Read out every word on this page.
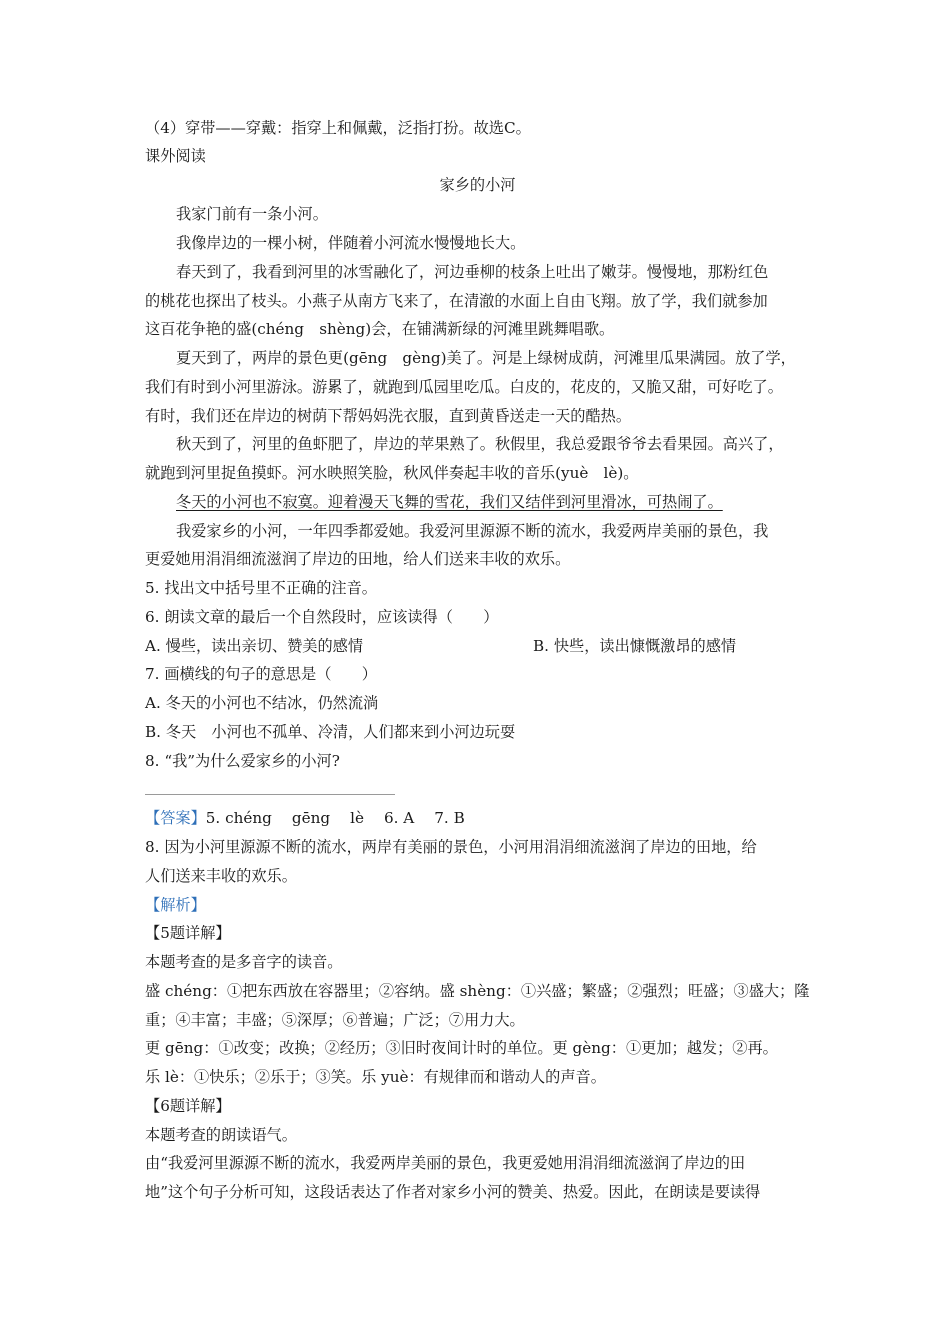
（4）穿带——穿戴：指穿上和佩戴，泛指打扮。故选C。
课外阅读
家乡的小河
我家门前有一条小河。
我像岸边的一棵小树，伴随着小河流水慢慢地长大。
春天到了，我看到河里的冰雪融化了，河边垂柳的枝条上吐出了嫩芽。慢慢地，那粉红色
的桃花也探出了枝头。小燕子从南方飞来了，在清澈的水面上自由飞翔。放了学，我们就参加
这百花争艳的盛(chéng　shèng)会，在铺满新绿的河滩里跳舞唱歌。
夏天到了，两岸的景色更(gēng　gèng)美了。河是上绿树成荫，河滩里瓜果满园。放了学，
我们有时到小河里游泳。游累了，就跑到瓜园里吃瓜。白皮的，花皮的，又脆又甜，可好吃了。
有时，我们还在岸边的树荫下帮妈妈洗衣服，直到黄昏送走一天的酷热。
秋天到了，河里的鱼虾肥了，岸边的苹果熟了。秋假里，我总爱跟爷爷去看果园。高兴了，
就跑到河里捉鱼摸虾。河水映照笑脸，秋风伴奏起丰收的音乐(yuè　lè)。
冬天的小河也不寂寞。迎着漫天飞舞的雪花，我们又结伴到河里滑冰，可热闹了。
我爱家乡的小河，一年四季都爱她。我爱河里源源不断的流水，我爱两岸美丽的景色，我
更爱她用涓涓细流滋润了岸边的田地，给人们送来丰收的欢乐。
5. 找出文中括号里不正确的注音。
6. 朗读文章的最后一个自然段时，应该读得（　　）
A. 慢些，读出亲切、赞美的感情	B. 快些，读出慷慨激昂的感情
7. 画横线的句子的意思是（　　）
A. 冬天的小河也不结冰，仍然流淌
B. 冬天　小河也不孤单、冷清，人们都来到小河边玩耍
8. “我”为什么爱家乡的小河?
【答案】5. chéng　 gēng　 lè　 6. A　 7. B
8. 因为小河里源源不断的流水，两岸有美丽的景色，小河用涓涓细流滋润了岸边的田地，给
人们送来丰收的欢乐。
【解析】
【5题详解】
本题考查的是多音字的读音。
盛 chéng：①把东西放在容器里；②容纳。盛 shèng：①兴盛；繁盛；②强烈；旺盛；③盛大；隆
重；④丰富；丰盛；⑤深厚；⑥普遍；广泛；⑦用力大。
更 gēng：①改变；改换；②经历；③旧时夜间计时的单位。更 gèng：①更加；越发；②再。
乐 lè：①快乐；②乐于；③笑。乐 yuè：有规律而和谐动人的声音。
【6题详解】
本题考查的朗读语气。
由“我爱河里源源不断的流水，我爱两岸美丽的景色，我更爱她用涓涓细流滋润了岸边的田
地”这个句子分析可知，这段话表达了作者对家乡小河的赞美、热爱。因此，在朗读是要读得
